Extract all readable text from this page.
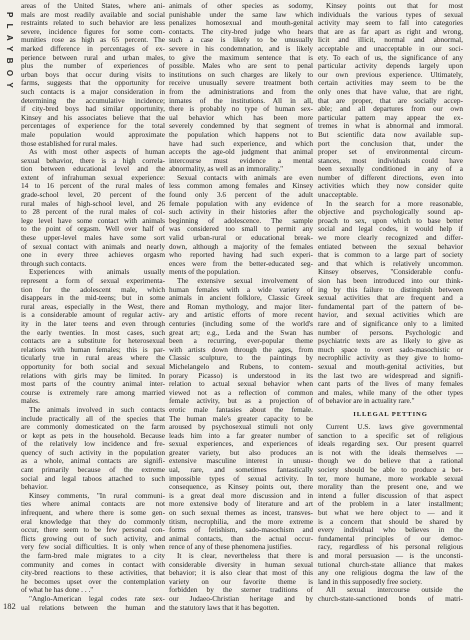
PLAYBOY
areas of the United States, where ani-
mals are most readily available and social
restraints related to such behavior are less
severe, incidence figures for some com-
munities rose as high as 65 percent. The
marked difference in percentages of ex-
perience between rural and urban males,
plus the number of experiences of
urban boys that occur during visits to
farms, suggests that the opportunity for
such contacts is a major consideration in
determining the accumulative incidence;
if city-bred boys had similar opportunity,
Kinsey and his associates believe that the
percentages of experience for the total
male population would approximate
those established for rural males.
As with most other aspects of human
sexual behavior, there is a high correla-
tion between educational level and the
extent of infrahuman sexual experience:
14 to 16 percent of the rural males of
grade-school level, 20 percent of the
rural males of high-school level, and 26
to 28 percent of the rural males of col-
lege level have some contact with animals
to the point of orgasm. Well over half of
these upper-level males have some sort
of sexual contact with animals and nearly
one in every three achieves orgasm
through such contacts.
Experiences with animals usually
represent a form of sexual experimenta-
tion for the adolescent male, which
disappears in the mid-teens; but in some
rural areas, especially in the West, there
is a considerable amount of regular activ-
ity in the later teens and even through
the early twenties. In most cases, such
contacts are a substitute for heterosexual
relations with human females; this is par-
ticularly true in rural areas where the
opportunity for both social and sexual
relations with girls may be limited. In
most parts of the country animal inter-
course is extremely rare among married
males.
The animals involved in such contacts
include practically all of the species that
are commonly domesticated on the farm
or kept as pets in the household. Because
of the relatively low incidence and fre-
quency of such activity in the population
as a whole, animal contacts are signifi-
cant primarily because of the extreme
social and legal taboos attached to such
behavior.
Kinsey comments, "In rural communi-
ties where animal contacts are not
infrequent, and where there is some gen-
eral knowledge that they do commonly
occur, there seem to be few personal con-
flicts growing out of such activity, and
very few social difficulties. It is only when
the farm-bred male migrates to a city
community and comes in contact with
city-bred reactions to these activities, that
he becomes upset over the contemplation
of what he has done . . ."
"Anglo-American legal codes rate sex-
ual relations between the human and
animals of other species as sodomy,
punishable under the same law which
penalizes homosexual and mouth-genital
contacts. The city-bred judge who hears
such a case is likely to be unusually
severe in his condemnation, and is likely
to give the maximum sentence that is
possible. Males who are sent to penal
institutions on such charges are likely to
receive unusually severe treatment both
from the administrations and from the
inmates of the institutions. All in all,
there is probably no type of human sex-
ual behavior which has been more
severely condemned by that segment of
the population which happens not to
have had such experience, and which
accepts the age-old judgment that animal
intercourse must evidence a mental
abnormality, as well as an immorality."
Sexual contacts with animals are even
less common among females and Kinsey
found only 3.6 percent of the adult
female population with any evidence of
such activity in their histories after the
beginning of adolescence. The sample
was considered too small to permit any
valid urban-rural or educational break-
down, although a majority of the females
who reported having had such experi-
ences were from the better-educated seg-
ments of the population.
The extensive sexual involvement of
human females with a wide variety of
animals in ancient folklore, Classic Greek
and Roman mythology, and major liter-
ary and artistic efforts of more recent
centuries (including some of the world's
great art; e.g., Leda and the Swan has
been a recurring, ever-popular theme
with artists down through the ages, from
Classic sculpture, to the paintings by
Michelangelo and Rubens, to contem-
porary Picasso) is understood in its
relation to actual sexual behavior when
viewed not as a reflection of common
female activity, but as a projection of
erotic male fantasies about the female.
The human male's greater capacity to be
aroused by psychosexual stimuli not only
leads him into a far greater number of
sexual experiences, and experiences of
greater variety, but also produces an
extensive masculine interest in unusu-
ual, rare, and sometimes fantastically
impossible types of sexual activity. In
consequence, as Kinsey points out, there
is a great deal more discussion and in
more extensive body of literature and art
on such sexual themes as incest, transves-
titism, necrophilia, and the more extreme
forms of fetishism, sado-masochism and
animal contacts, than the actual occur-
rence of any of these phenomena justifies.
It is clear, nevertheless that there is
considerable diversity in human sexual
behavior; it is also clear that most of this
variety on our favorite theme is
forbidden by the sterner traditions of
our Judaeo-Christian heritage and by
the statutory laws that it has begotten.
Kinsey points out that for most
individuals the various types of sexual
activity may seem to fall into categories
that are as far apart as right and wrong,
licit and illicit, normal and abnormal,
acceptable and unacceptable in our soci-
ety. To each of us, the significance of any
particular activity depends largely upon
our own previous experience. Ultimately,
certain activities may seem to be the
only ones that have value, that are right,
that are proper, that are socially accep-
able; and all departures from our own
particular pattern may appear the ex-
tremes in what is abnormal and immoral.
But scientific data now available sup-
port the conclusion that, under the
proper set of environmental circum-
stances, most individuals could have
been sexually conditioned in any of a
number of different directions, even into
activities which they now consider quite
unacceptable.
In the search for a more reasonable,
objective and psychologically sound ap-
proach to sex, upon which to base better
social and legal codes, it would help if
we more clearly recognized and differ-
entiated between the sexual behavior
that is common to a large part of society
and that which is relatively uncommon.
Kinsey observes, "Considerable confu-
sion has been introduced into our think-
ing by this failure to distinguish between
sexual activities that are frequent and a
fundamental part of the pattern of be-
havior, and sexual activities which are
rare and of significance only to a limited
number of persons. Psychologic and
psychiatric texts are as likely to give as
much space to overt sado-masochistic or
necrophilic activity as they give to homo-
sexual and mouth-genital activities, but
the last two are widespread and signifi-
cant parts of the lives of many females
and males, while many of the other types
of behavior are in actuality rare."
ILLEGAL PETTING
Current U.S. laws give governmental
sanction to a specific set of religious
ideals regarding sex. Our present quarrel
is not with the ideals themselves —
though we do believe that a rational
society should be able to produce a bet-
ter, more humane, more workable sexual
morality than the present one, and we
intend a fuller discussion of that aspect
of the problem in a later installment;
but what we here object to — and it
is a concern that should be shared by
every individual who believes in the
fundamental principles of our democ-
racy, regardless of his personal religious
and moral persuasion — is the unconsti-
tutional church-state alliance that makes
any one religious dogma the law of the
land in this supposedly free society.
All sexual intercourse outside the
church-state-sanctioned bonds of matri-
182
